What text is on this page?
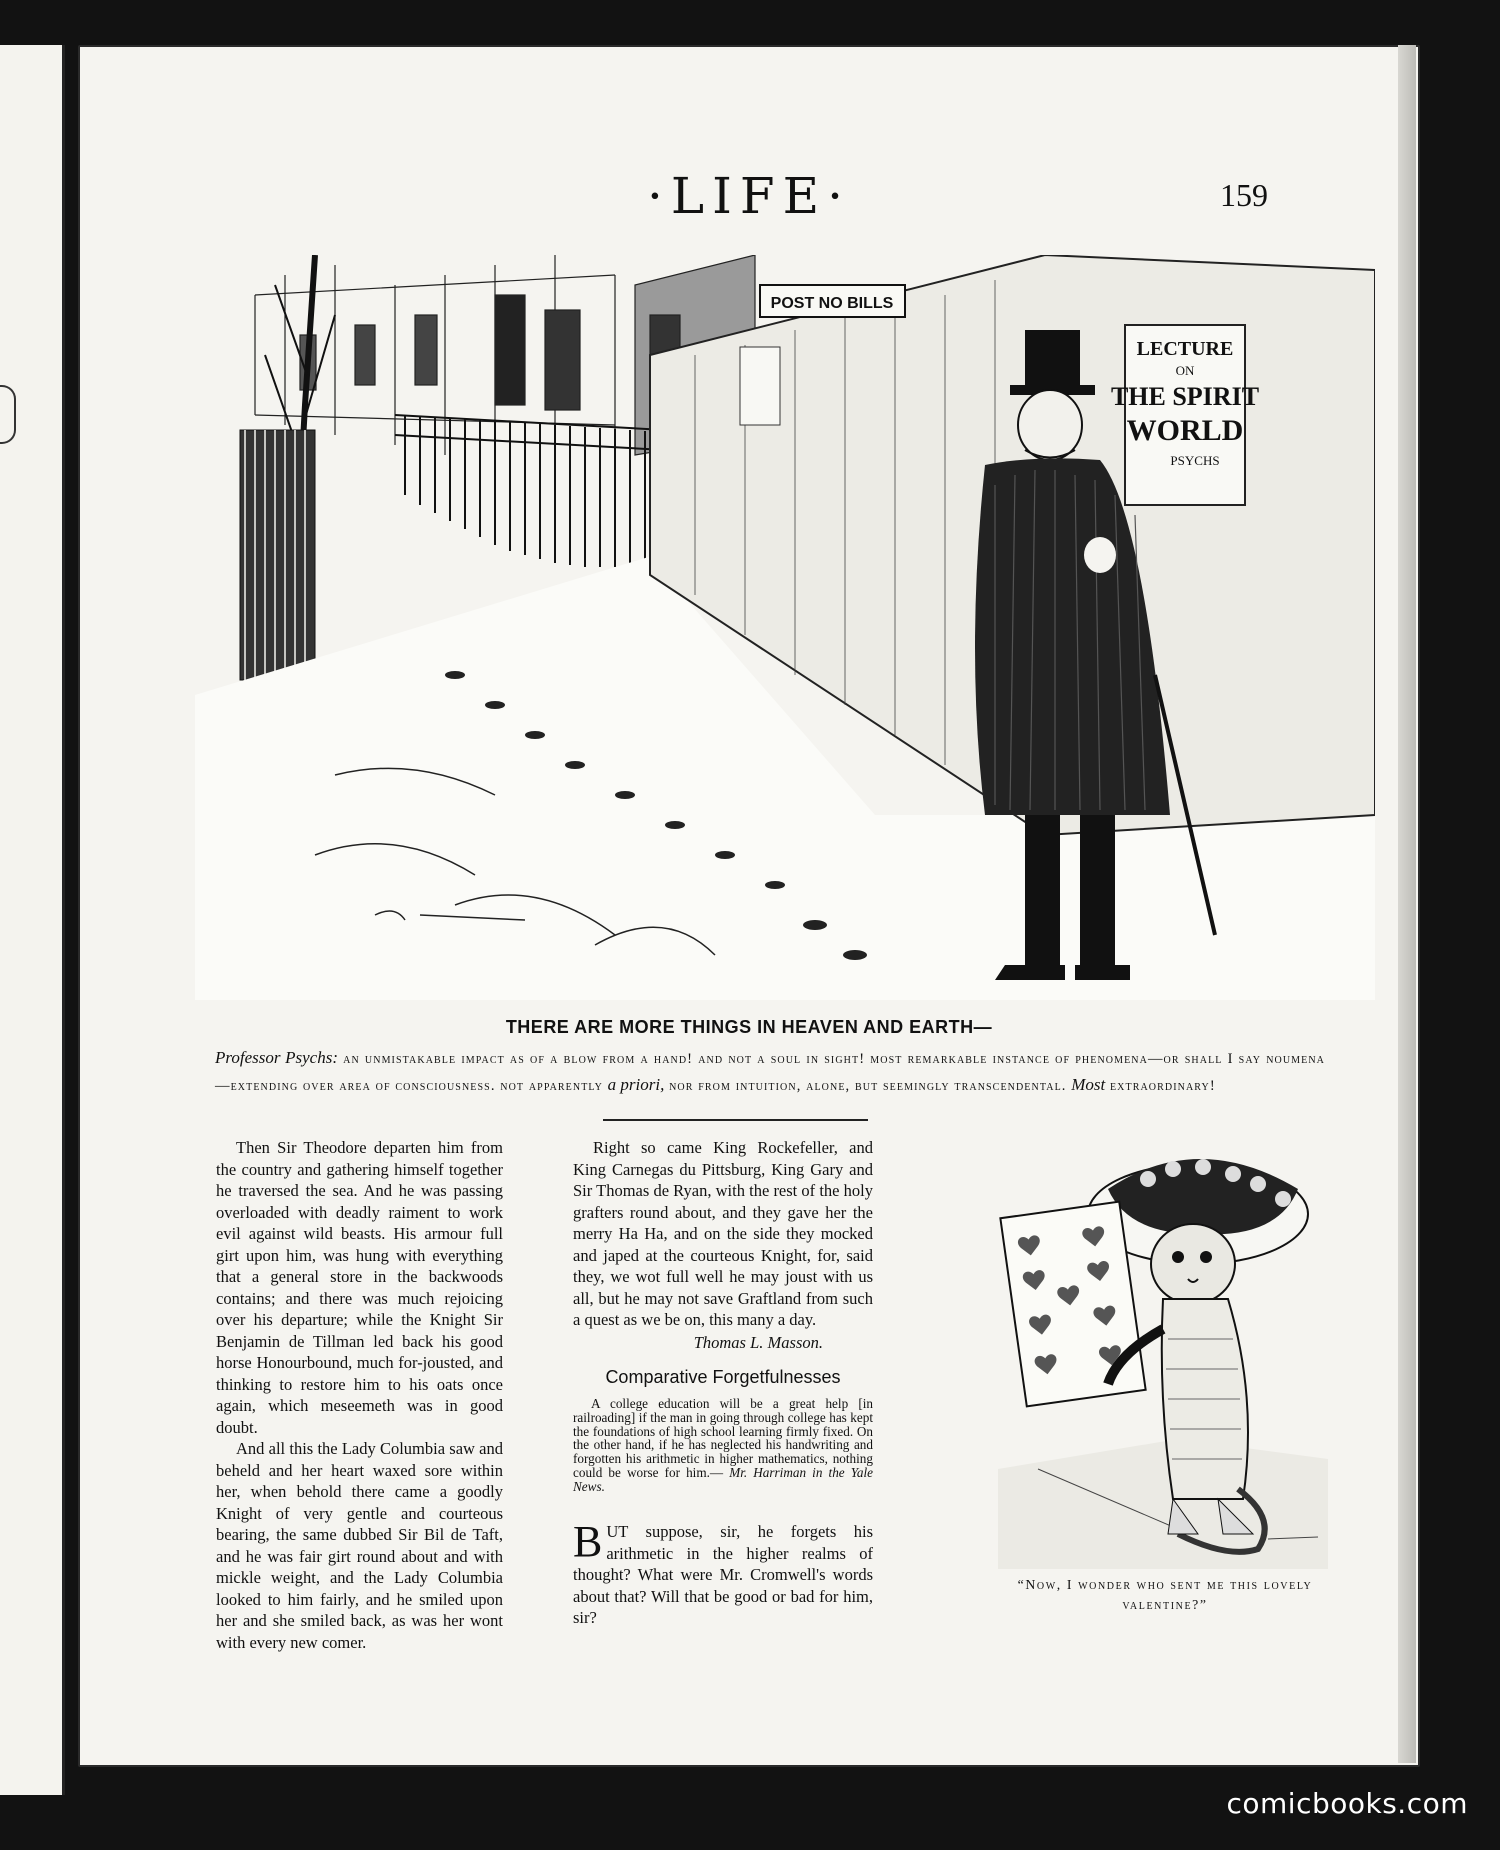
·LIFE·	159
POST NO BILLS
LECTURE
ON
THE SPIRIT
WORLD
PSYCHS
THERE ARE MORE THINGS IN HEAVEN AND EARTH—
Professor Psychs: an unmistakable impact as of a blow from a hand! and not a soul in sight! most remarkable instance of phenomena—or shall I say noumena—extending over area of consciousness. not apparently a priori, nor from intuition, alone, but seemingly transcendental. Most extraordinary!

Then Sir Theodore departen him from the country and gathering himself together he traversed the sea. And he was passing overloaded with deadly raiment to work evil against wild beasts. His armour full girt upon him, was hung with everything that a general store in the backwoods contains; and there was much rejoicing over his departure; while the Knight Sir Benjamin de Tillman led back his good horse Honourbound, much for-jousted, and thinking to restore him to his oats once again, which meseemeth was in good doubt.

And all this the Lady Columbia saw and beheld and her heart waxed sore within her, when behold there came a goodly Knight of very gentle and courteous bearing, the same dubbed Sir Bil de Taft, and he was fair girt round about and with mickle weight, and the Lady Columbia looked to him fairly, and he smiled upon her and she smiled back, as was her wont with every new comer.

Right so came King Rockefeller, and King Carnegas du Pittsburg, King Gary and Sir Thomas de Ryan, with the rest of the holy grafters round about, and they gave her the merry Ha Ha, and on the side they mocked and japed at the courteous Knight, for, said they, we wot full well he may joust with us all, but he may not save Graftland from such a quest as we be on, this many a day.

Thomas L. Masson.
Comparative Forgetfulnesses

A college education will be a great help [in railroading] if the man in going through college has kept the foundations of high school learning firmly fixed. On the other hand, if he has neglected his handwriting and forgotten his arithmetic in higher mathematics, nothing could be worse for him.— Mr. Harriman in the Yale News.

BUT suppose, sir, he forgets his arithmetic in the higher realms of thought? What were Mr. Cromwell's words about that? Will that be good or bad for him, sir?
“Now, I wonder who sent me this lovely valentine?”
comicbooks.com
